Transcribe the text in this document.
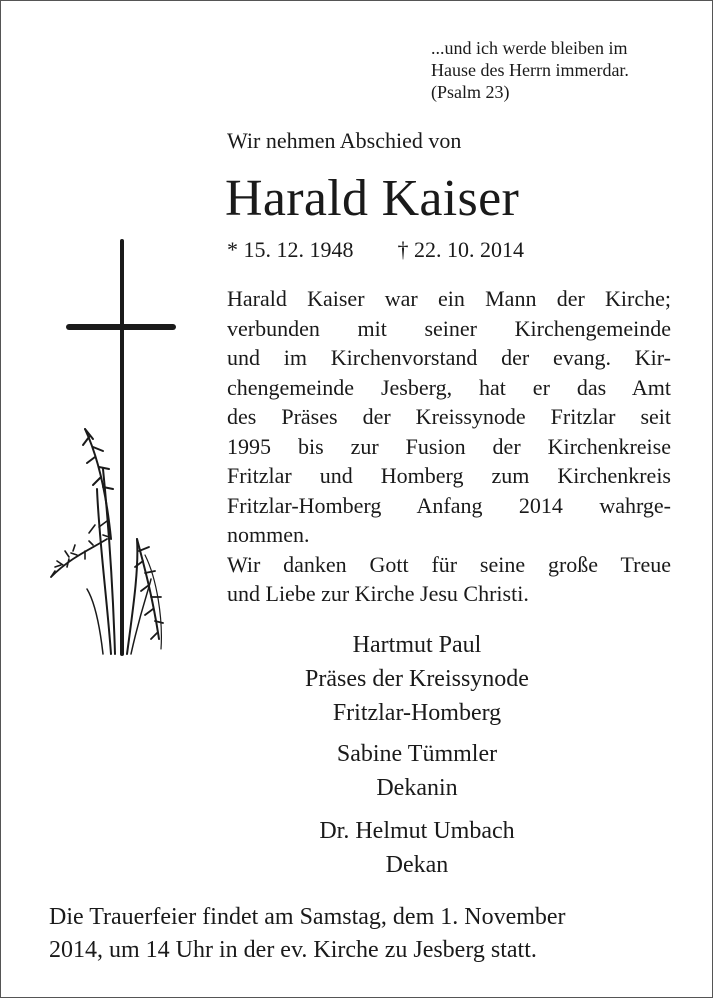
...und ich werde bleiben im
Hause des Herrn immerdar.
(Psalm 23)
Wir nehmen Abschied von
Harald Kaiser
* 15. 12. 1948 † 22. 10. 2014
Harald Kaiser war ein Mann der Kirche;
verbunden mit seiner Kirchengemeinde
und im Kirchenvorstand der evang. Kir-
chengemeinde Jesberg, hat er das Amt
des Präses der Kreissynode Fritzlar seit
1995 bis zur Fusion der Kirchenkreise
Fritzlar und Homberg zum Kirchenkreis
Fritzlar-Homberg Anfang 2014 wahrge-
nommen.
Wir danken Gott für seine große Treue
und Liebe zur Kirche Jesu Christi.
Hartmut Paul
Präses der Kreissynode
Fritzlar-Homberg
Sabine Tümmler
Dekanin
Dr. Helmut Umbach
Dekan
Die Trauerfeier findet am Samstag, dem 1. November
2014, um 14 Uhr in der ev. Kirche zu Jesberg statt.
